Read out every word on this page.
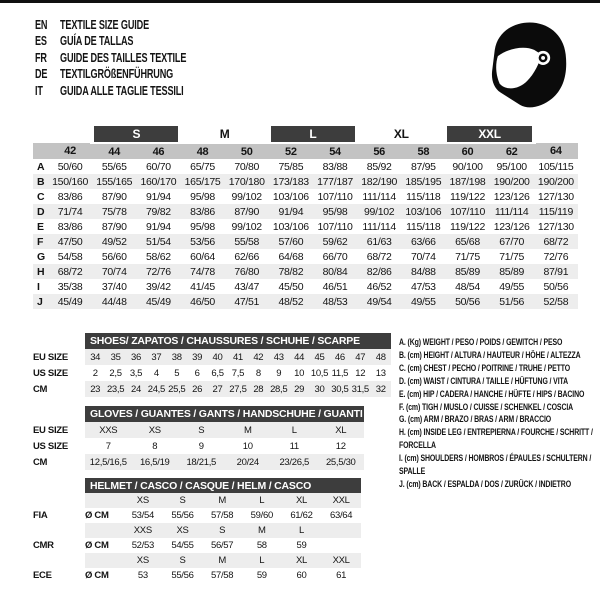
EN TEXTILE SIZE GUIDE
ES GUÍA DE TALLAS
FR GUIDE DES TAILLES TEXTILE
DE TEXTILGRÖßENFÜHRUNG
IT GUIDA ALLE TAGLIE TESSILI
		S		M		L		XL		XXL		
	42	44	46	48	50	52	54	56	58	60	62	64
A	50/60	55/65	60/70	65/75	70/80	75/85	83/88	85/92	87/95	90/100	95/100	105/115
B	150/160	155/165	160/170	165/175	170/180	173/183	177/187	182/190	185/195	187/198	190/200	190/200
C	83/86	87/90	91/94	95/98	99/102	103/106	107/110	111/114	115/118	119/122	123/126	127/130
D	71/74	75/78	79/82	83/86	87/90	91/94	95/98	99/102	103/106	107/110	111/114	115/119
E	83/86	87/90	91/94	95/98	99/102	103/106	107/110	111/114	115/118	119/122	123/126	127/130
F	47/50	49/52	51/54	53/56	55/58	57/60	59/62	61/63	63/66	65/68	67/70	68/72
G	54/58	56/60	58/62	60/64	62/66	64/68	66/70	68/72	70/74	71/75	71/75	72/76
H	68/72	70/74	72/76	74/78	76/80	78/82	80/84	82/86	84/88	85/89	85/89	87/91
I	35/38	37/40	39/42	41/45	43/47	45/50	46/51	46/52	47/53	48/54	49/55	50/56
J	45/49	44/48	45/49	46/50	47/51	48/52	48/53	49/54	49/55	50/56	51/56	52/58
	SHOES/ ZAPATOS / CHAUSSURES / SCHUHE / SCARPE														
EU SIZE	34	35	36	37	38	39	40	41	42	43	44	45	46	47	48
US SIZE	2	2,5	3,5	4	5	6	6,5	7,5	8	9	10	10,5	11,5	12	13
CM	23	23,5	24	24,5	25,5	26	27	27,5	28	28,5	29	30	30,5	31,5	32
	GLOVES / GUANTES / GANTS / HANDSCHUHE / GUANTI					
EU SIZE	XXS	XS	S	M	L	XL
US SIZE	7	8	9	10	11	12
CM	12,5/16,5	16,5/19	18/21,5	20/24	23/26,5	25,5/30
	HELMET / CASCO / CASQUE / HELM / CASCO						
		XS	S	M	L	XL	XXL
FIA	Ø CM	53/54	55/56	57/58	59/60	61/62	63/64
		XXS	XS	S	M	L	
CMR	Ø CM	52/53	54/55	56/57	58	59	
		XS	S	M	L	XL	XXL
ECE	Ø CM	53	55/56	57/58	59	60	61
A. (Kg) WEIGHT / PESO / POIDS / GEWITCH / PESO
B. (cm) HEIGHT / ALTURA / HAUTEUR / HÖHE / ALTEZZA
C. (cm) CHEST / PECHO / POITRINE / TRUHE / PETTO
D. (cm) WAIST / CINTURA / TAILLE / HÜFTUNG / VITA
E. (cm) HIP / CADERA / HANCHE / HÜFTE / HIPS / BACINO
F. (cm) TIGH / MUSLO / CUISSE / SCHENKEL / COSCIA
G. (cm) ARM / BRAZO / BRAS / ARM / BRACCIO
H. (cm) INSIDE LEG / ENTREPIERNA / FOURCHE / SCHRITT / FORCELLA
I. (cm) SHOULDERS / HOMBROS / ÉPAULES / SCHULTERN / SPALLE
J. (cm) BACK / ESPALDA / DOS / ZURÜCK / INDIETRO
